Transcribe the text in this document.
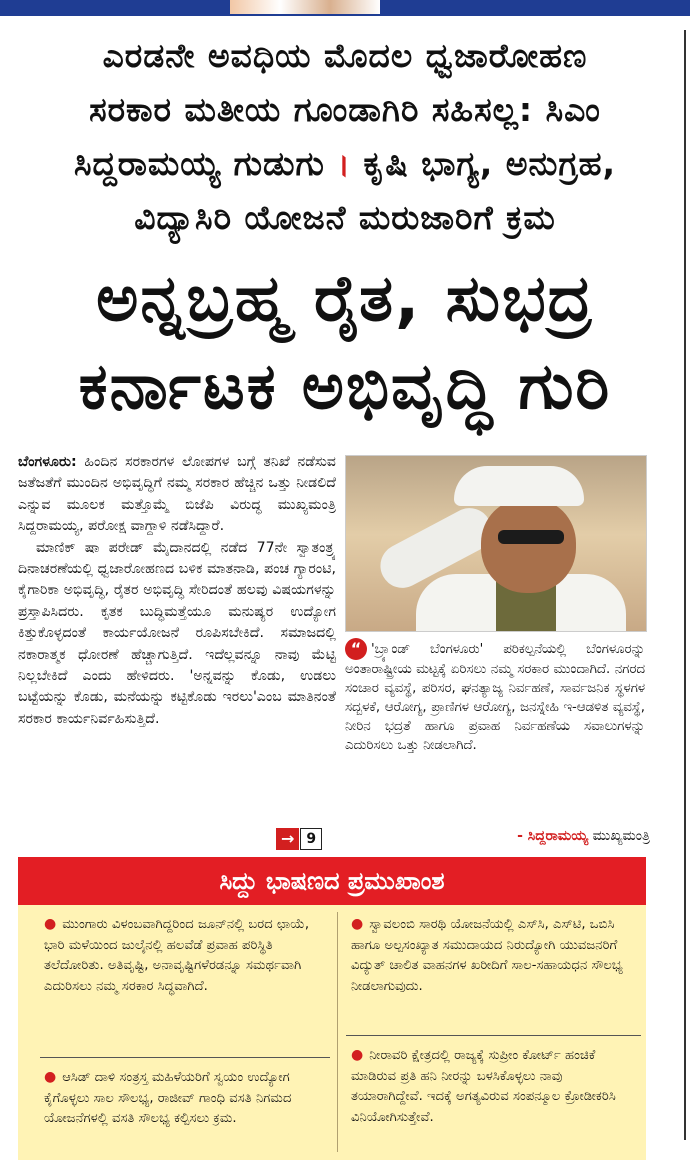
ಎರಡನೇ ಅವಧಿಯ ಮೊದಲ ಧ್ವಜಾರೋಹಣ
ಸರಕಾರ ಮತೀಯ ಗೂಂಡಾಗಿರಿ ಸಹಿಸಲ್ಲ: ಸಿಎಂ
ಸಿದ್ದರಾಮಯ್ಯ ಗುಡುಗು । ಕೃಷಿ ಭಾಗ್ಯ, ಅನುಗ್ರಹ,
ವಿದ್ಯಾಸಿರಿ ಯೋಜನೆ ಮರುಜಾರಿಗೆ ಕ್ರಮ
ಅನ್ನಬ್ರಹ್ಮ ರೈತ, ಸುಭದ್ರ
ಕರ್ನಾಟಕ ಅಭಿವೃದ್ಧಿ ಗುರಿ

ಬೆಂಗಳೂರು: ಹಿಂದಿನ ಸರಕಾರಗಳ ಲೋಪಗಳ ಬಗ್ಗೆ ತನಿಖೆ ನಡೆಸುವ ಜತೆಜತೆಗೆ ಮುಂದಿನ ಅಭಿವೃದ್ಧಿಗೆ ನಮ್ಮ ಸರಕಾರ ಹೆಚ್ಚಿನ ಒತ್ತು ನೀಡಲಿದೆ ಎನ್ನುವ ಮೂಲಕ ಮತ್ತೊಮ್ಮೆ ಬಿಜೆಪಿ ವಿರುದ್ಧ ಮುಖ್ಯಮಂತ್ರಿ ಸಿದ್ದರಾಮಯ್ಯ, ಪರೋಕ್ಷ ವಾಗ್ದಾಳಿ ನಡೆಸಿದ್ದಾರೆ.

ಮಾಣಿಕ್ ಷಾ ಪರೇಡ್ ಮೈದಾನದಲ್ಲಿ ನಡೆದ 77ನೇ ಸ್ವಾತಂತ್ರ್ಯ ದಿನಾಚರಣೆಯಲ್ಲಿ ಧ್ವಜಾರೋಹಣದ ಬಳಿಕ ಮಾತನಾಡಿ, ಪಂಚ ಗ್ಯಾರಂಟಿ, ಕೈಗಾರಿಕಾ ಅಭಿವೃದ್ಧಿ, ರೈತರ ಅಭಿವೃದ್ಧಿ ಸೇರಿದಂತೆ ಹಲವು ವಿಷಯಗಳನ್ನು ಪ್ರಸ್ತಾಪಿಸಿದರು. ಕೃತಕ ಬುದ್ಧಿಮತ್ತೆಯೂ ಮನುಷ್ಯರ ಉದ್ಯೋಗ ಕಿತ್ತುಕೊಳ್ಳದಂತೆ ಕಾರ್ಯಯೋಜನೆ ರೂಪಿಸಬೇಕಿದೆ. ಸಮಾಜದಲ್ಲಿ ನಕಾರಾತ್ಮಕ ಧೋರಣೆ ಹೆಚ್ಚಾಗುತ್ತಿದೆ. ಇದೆಲ್ಲವನ್ನೂ ನಾವು ಮೆಟ್ಟಿ ನಿಲ್ಲಬೇಕಿದೆ ಎಂದು ಹೇಳಿದರು. 'ಅನ್ನವನ್ನು ಕೊಡು, ಉಡಲು ಬಟ್ಟೆಯನ್ನು ಕೊಡು, ಮನೆಯನ್ನು ಕಟ್ಟಿಕೊಡು ಇರಲು'ಎಂಬ ಮಾತಿನಂತೆ ಸರಕಾರ ಕಾರ್ಯನಿರ್ವಹಿಸುತ್ತಿದೆ.

→ 9

“ 'ಬ್ರ್ಯಾಂಡ್ ಬೆಂಗಳೂರು' ಪರಿಕಲ್ಪನೆಯಲ್ಲಿ ಬೆಂಗಳೂರನ್ನು ಅಂತಾರಾಷ್ಟ್ರೀಯ ಮಟ್ಟಕ್ಕೆ ಏರಿಸಲು ನಮ್ಮ ಸರಕಾರ ಮುಂದಾಗಿದೆ. ನಗರದ ಸಂಚಾರ ವ್ಯವಸ್ಥೆ, ಪರಿಸರ, ಘನತ್ಯಾಜ್ಯ ನಿರ್ವಹಣೆ, ಸಾರ್ವಜನಿಕ ಸ್ಥಳಗಳ ಸದ್ಬಳಕೆ, ಆರೋಗ್ಯ, ಪ್ರಾಣಿಗಳ ಆರೋಗ್ಯ, ಜನಸ್ನೇಹಿ ಇ-ಆಡಳಿತ ವ್ಯವಸ್ಥೆ, ನೀರಿನ ಭದ್ರತೆ ಹಾಗೂ ಪ್ರವಾಹ ನಿರ್ವಹಣೆಯ ಸವಾಲುಗಳನ್ನು ಎದುರಿಸಲು ಒತ್ತು ನೀಡಲಾಗಿದೆ.

- ಸಿದ್ದರಾಮಯ್ಯ ಮುಖ್ಯಮಂತ್ರಿ
ಸಿದ್ದು ಭಾಷಣದ ಪ್ರಮುಖಾಂಶ

● ಮುಂಗಾರು ವಿಳಂಬವಾಗಿದ್ದರಿಂದ ಜೂನ್‌ನಲ್ಲಿ ಬರದ ಛಾಯೆ, ಭಾರಿ ಮಳೆಯಿಂದ ಜುಲೈನಲ್ಲಿ ಹಲವೆಡೆ ಪ್ರವಾಹ ಪರಿಸ್ಥಿತಿ ತಲೆದೋರಿತು. ಅತಿವೃಷ್ಟಿ, ಅನಾವೃಷ್ಟಿಗಳೆರಡನ್ನೂ ಸಮರ್ಥವಾಗಿ ಎದುರಿಸಲು ನಮ್ಮ ಸರಕಾರ ಸಿದ್ಧವಾಗಿದೆ.

● ಆಸಿಡ್ ದಾಳಿ ಸಂತ್ರಸ್ತ ಮಹಿಳೆಯರಿಗೆ ಸ್ವಯಂ ಉದ್ಯೋಗ ಕೈಗೊಳ್ಳಲು ಸಾಲ ಸೌಲಭ್ಯ, ರಾಜೀವ್ ಗಾಂಧಿ ವಸತಿ ನಿಗಮದ ಯೋಜನೆಗಳಲ್ಲಿ ವಸತಿ ಸೌಲಭ್ಯ ಕಲ್ಪಿಸಲು ಕ್ರಮ.

● ಸ್ವಾವಲಂಬಿ ಸಾರಥಿ ಯೋಜನೆಯಲ್ಲಿ ಎಸ್‌ಸಿ, ಎಸ್‌ಟಿ, ಒಬಿಸಿ ಹಾಗೂ ಅಲ್ಪಸಂಖ್ಯಾತ ಸಮುದಾಯದ ನಿರುದ್ಯೋಗಿ ಯುವಜನರಿಗೆ ವಿದ್ಯುತ್ ಚಾಲಿತ ವಾಹನಗಳ ಖರೀದಿಗೆ ಸಾಲ-ಸಹಾಯಧನ ಸೌಲಭ್ಯ ನೀಡಲಾಗುವುದು.

● ನೀರಾವರಿ ಕ್ಷೇತ್ರದಲ್ಲಿ ರಾಜ್ಯಕ್ಕೆ ಸುಪ್ರೀಂ ಕೋರ್ಟ್ ಹಂಚಿಕೆ ಮಾಡಿರುವ ಪ್ರತಿ ಹನಿ ನೀರನ್ನು ಬಳಸಿಕೊಳ್ಳಲು ನಾವು ತಯಾರಾಗಿದ್ದೇವೆ. ಇದಕ್ಕೆ ಅಗತ್ಯವಿರುವ ಸಂಪನ್ಮೂಲ ಕ್ರೋಡೀಕರಿಸಿ ವಿನಿಯೋಗಿಸುತ್ತೇವೆ.
